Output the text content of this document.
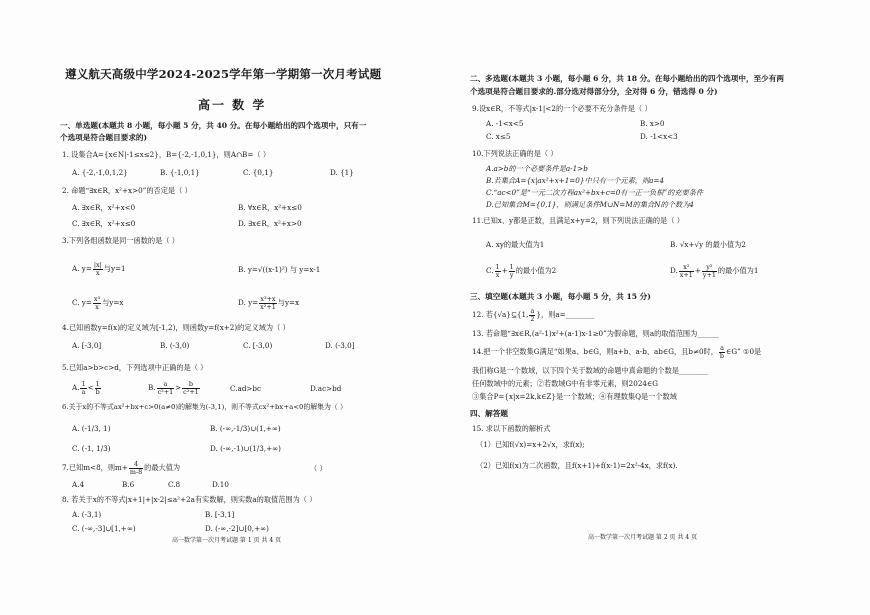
遵义航天高级中学2024-2025学年第一学期第一次月考试题
高一 数 学
一、单选题(本题共 8 小题，每小题 5 分，共 40 分。在每小题给出的四个选项中，只有一
个选项是符合题目要求的)
1. 设集合A={x∈N|-1≤x≤2}，B={-2,-1,0,1}，则A∩B=（ ）
A. {-2,-1,0,1,2}	B. {-1,0,1}	C. {0,1}	D. {1}
2. 命题“∃x∈R，x²+x>0”的否定是（ ）
A. ∃x∈R，x²+x<0	B. ∀x∈R，x²+x≤0
C. ∃x∈R，x²+x≤0	D. ∃x∈R，x²+x>0
3.下列各组函数是同一函数的是（ ）
A. $y= \frac{|x|}{x}$ 与y=1	B. y=√((x-1)²) 与 y=x-1
C. $y= \frac{\text{x³}}{x}$ 与y=x	D. $y= \frac{\text{x³+x}}{\text{x²+1}}$ 与y=x
4.已知函数y=f(x)的定义域为[-1,2)，则函数y=f(x+2)的定义域为（ ）
A. [-3,0]	B. (-3,0)	C. [-3,0)	D. (-3,0]
5.已知a>b>c>d，下列选项中正确的是（ ）
A. $\frac{1}{a} < \frac{1}{b}$	B. $\frac{a}{\text{c²+1}} > \frac{b}{\text{c²+1}}$	C.ad>bc	D.ac>bd
6.关于x的不等式ax²+bx+c>0(a≠0)的解集为(-3,1)，则不等式cx²+bx+a<0的解集为（ ）
A. (-1/3, 1)	B. (-∞,-1/3)∪(1,+∞)
C. (-1, 1/3)	D. (-∞,-1)∪(1/3,+∞)
7.已知m<8，则$m+ \frac{4}{m-8}$ 的最大值为	（ ）
A.4	B.6	C.8	D.10
8. 若关于x的不等式|x+1|+|x-2|≤a²+2a有实数解，则实数a的取值范围为（ ）
A. (-3,1)	B. [-3,1]
C. (-∞,-3]∪[1,+∞)	D. (-∞,-2]∪[0,+∞)
高一数学第一次月考试题 第 1 页 共 4 页
二、多选题(本题共 3 小题，每小题 6 分，共 18 分。在每小题给出的四个选项中，至少有两
个选项是符合题目要求的.部分选对得部分分，全对得 6 分，错选得 0 分)
9.设x∈R，不等式|x-1|<2的一个必要不充分条件是（ ）
A. -1<x<5	B. x>0
C. x≤5	D. -1<x<3
10.下列说法正确的是（ ）
A.a>b的一个必要条件是a-1>b
B.若集合A={x|ax²+x+1=0}中只有一个元素，则a=4
C.“ac<0”是“一元二次方程ax²+bx+c=0有一正一负根”的充要条件
D.已知集合M={0,1}，则满足条件M∪N=M的集合N的个数为4
11.已知x、y都是正数，且满足x+y=2，则下列说法正确的是（ ）
A. xy的最大值为1	B. √x+√y 的最小值为2
C. $\frac{1}{x} + \frac{1}{y}$ 的最小值为2	D. $\frac{\text{x²}}{x+1} + \frac{\text{y²}}{y+1}$ 的最小值为1
三、填空题(本题共 3 小题，每小题 5 分，共 15 分)
12. 若{√a}⊆{1, $\frac{a}{2}$ }，则a=________
13. 若命题“∃x∈R,(a²-1)x²+(a-1)x-1≥0”为假命题，则a的取值范围为______
14.把一个非空数集G满足“如果a、b∈G，则a+b、a-b、ab∈G，且b≠0时， $\frac{a}{b}$ ∈G” ①0是
我们称G是一个数域，以下四个关于数域的命题中真命题的个数是________
任何数域中的元素；②若数域G中有非零元素，则2024∈G
③集合P={x|x=2k,k∈Z}是一个数域；④有理数集Q是一个数域
四、解答题
15. 求以下函数的解析式
（1）已知f(√x)=x+2√x，求f(x);
（2）已知f(x)为二次函数，且f(x+1)+f(x-1)=2x²-4x，求f(x).
高一数学第一次月考试题 第 2 页 共 4 页
